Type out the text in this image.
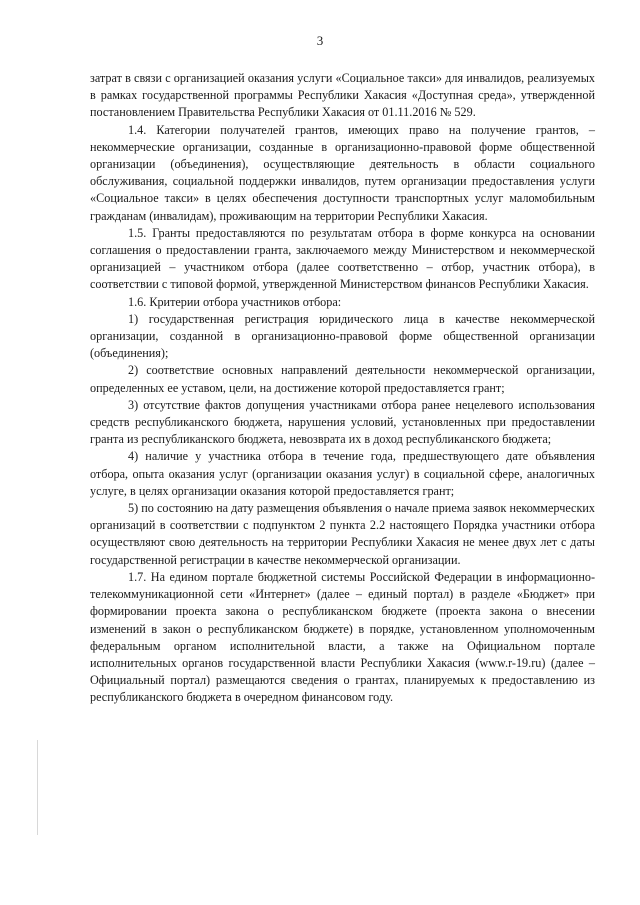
3

затрат в связи с организацией оказания услуги «Социальное такси» для инвалидов, реализуемых в рамках государственной программы Республики Хакасия «Доступная среда», утвержденной постановлением Правительства Республики Хакасия от 01.11.2016 № 529.

1.4. Категории получателей грантов, имеющих право на получение грантов, – некоммерческие организации, созданные в организационно-правовой форме общественной организации (объединения), осуществляющие деятельность в области социального обслуживания, социальной поддержки инвалидов, путем организации предоставления услуги «Социальное такси» в целях обеспечения доступности транспортных услуг маломобильным гражданам (инвалидам), проживающим на территории Республики Хакасия.

1.5. Гранты предоставляются по результатам отбора в форме конкурса на основании соглашения о предоставлении гранта, заключаемого между Министерством и некоммерческой организацией – участником отбора (далее соответственно – отбор, участник отбора), в соответствии с типовой формой, утвержденной Министерством финансов Республики Хакасия.

1.6. Критерии отбора участников отбора:

1) государственная регистрация юридического лица в качестве некоммерческой организации, созданной в организационно-правовой форме общественной организации (объединения);

2) соответствие основных направлений деятельности некоммерческой организации, определенных ее уставом, цели, на достижение которой предоставляется грант;

3) отсутствие фактов допущения участниками отбора ранее нецелевого использования средств республиканского бюджета, нарушения условий, установленных при предоставлении гранта из республиканского бюджета, невозврата их в доход республиканского бюджета;

4) наличие у участника отбора в течение года, предшествующего дате объявления отбора, опыта оказания услуг (организации оказания услуг) в социальной сфере, аналогичных услуге, в целях организации оказания которой предоставляется грант;

5) по состоянию на дату размещения объявления о начале приема заявок некоммерческих организаций в соответствии с подпунктом 2 пункта 2.2 настоящего Порядка участники отбора осуществляют свою деятельность на территории Республики Хакасия не менее двух лет с даты государственной регистрации в качестве некоммерческой организации.

1.7. На едином портале бюджетной системы Российской Федерации в информационно-телекоммуникационной сети «Интернет» (далее – единый портал) в разделе «Бюджет» при формировании проекта закона о республиканском бюджете (проекта закона о внесении изменений в закон о республиканском бюджете) в порядке, установленном уполномоченным федеральным органом исполнительной власти, а также на Официальном портале исполнительных органов государственной власти Республики Хакасия (www.r-19.ru) (далее – Официальный портал) размещаются сведения о грантах, планируемых к предоставлению из республиканского бюджета в очередном финансовом году.
